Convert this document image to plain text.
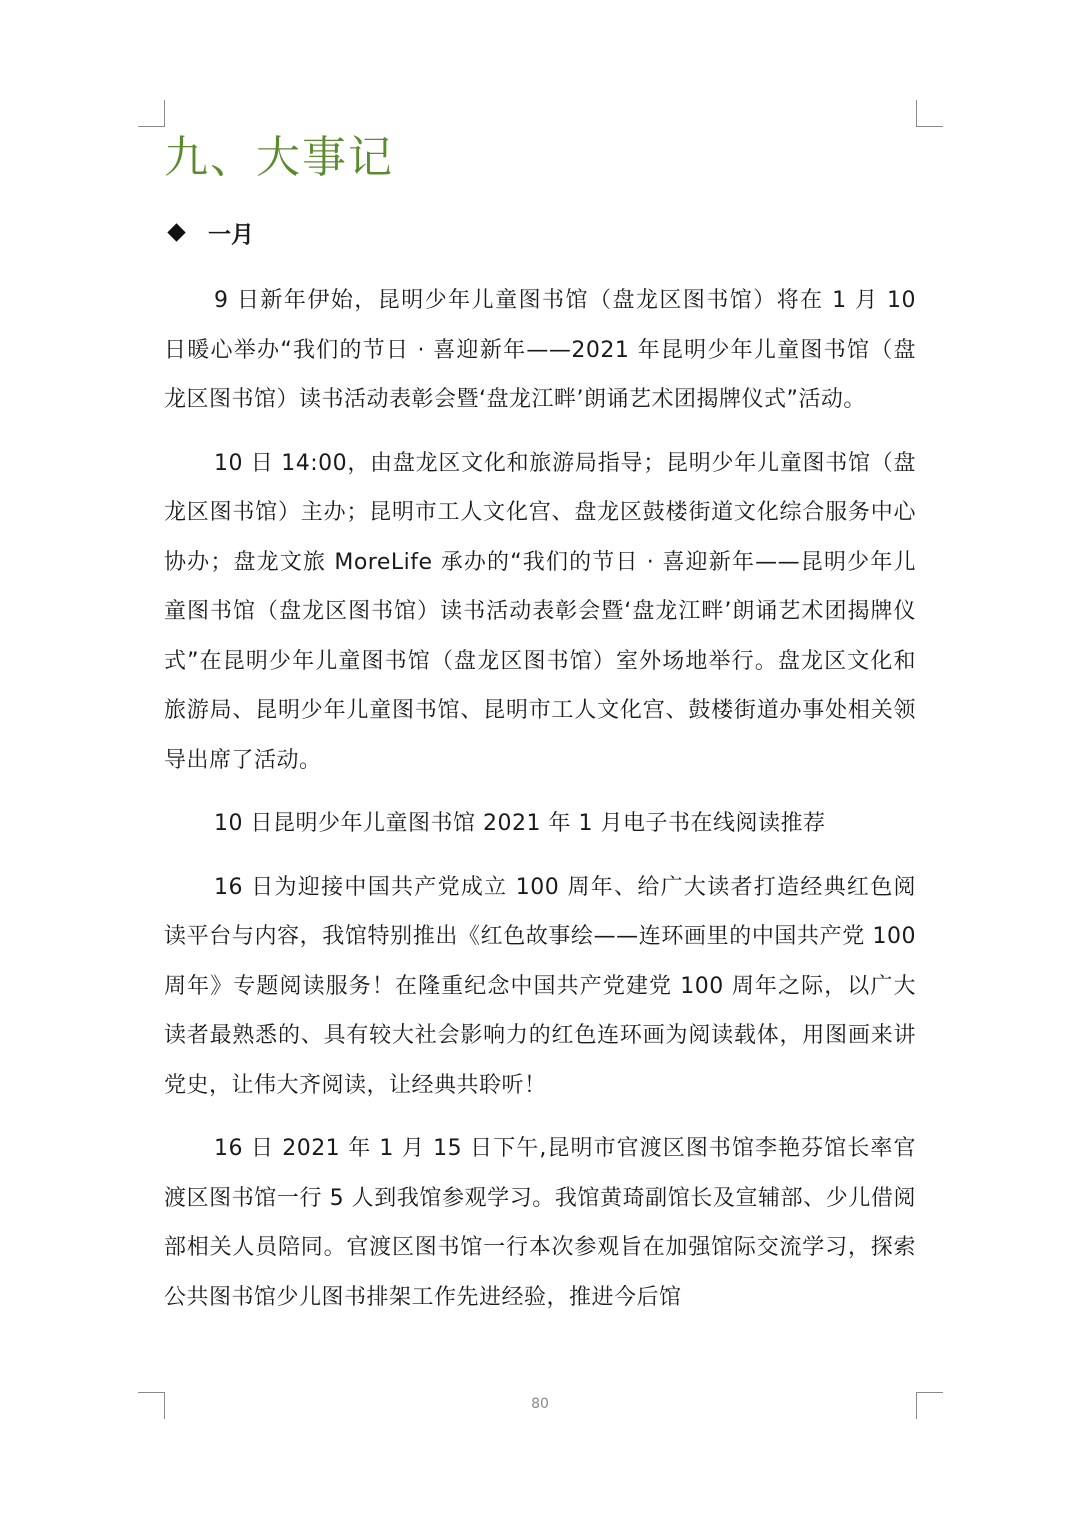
九、大事记
一月

9 日新年伊始，昆明少年儿童图书馆（盘龙区图书馆）将在 1 月 10 日暖心举办“我们的节日 · 喜迎新年——2021 年昆明少年儿童图书馆（盘龙区图书馆）读书活动表彰会暨‘盘龙江畔’朗诵艺术团揭牌仪式”活动。

10 日 14:00，由盘龙区文化和旅游局指导；昆明少年儿童图书馆（盘龙区图书馆）主办；昆明市工人文化宫、盘龙区鼓楼街道文化综合服务中心协办；盘龙文旅 MoreLife 承办的“我们的节日 · 喜迎新年——昆明少年儿童图书馆（盘龙区图书馆）读书活动表彰会暨‘盘龙江畔’朗诵艺术团揭牌仪式”在昆明少年儿童图书馆（盘龙区图书馆）室外场地举行。盘龙区文化和旅游局、昆明少年儿童图书馆、昆明市工人文化宫、鼓楼街道办事处相关领导出席了活动。

10 日昆明少年儿童图书馆 2021 年 1 月电子书在线阅读推荐

16 日为迎接中国共产党成立 100 周年、给广大读者打造经典红色阅读平台与内容，我馆特别推出《红色故事绘——连环画里的中国共产党 100 周年》专题阅读服务！在隆重纪念中国共产党建党 100 周年之际，以广大读者最熟悉的、具有较大社会影响力的红色连环画为阅读载体，用图画来讲党史，让伟大齐阅读，让经典共聆听！

16 日 2021 年 1 月 15 日下午,昆明市官渡区图书馆李艳芬馆长率官渡区图书馆一行 5 人到我馆参观学习。我馆黄琦副馆长及宣辅部、少儿借阅部相关人员陪同。官渡区图书馆一行本次参观旨在加强馆际交流学习，探索公共图书馆少儿图书排架工作先进经验，推进今后馆

80
